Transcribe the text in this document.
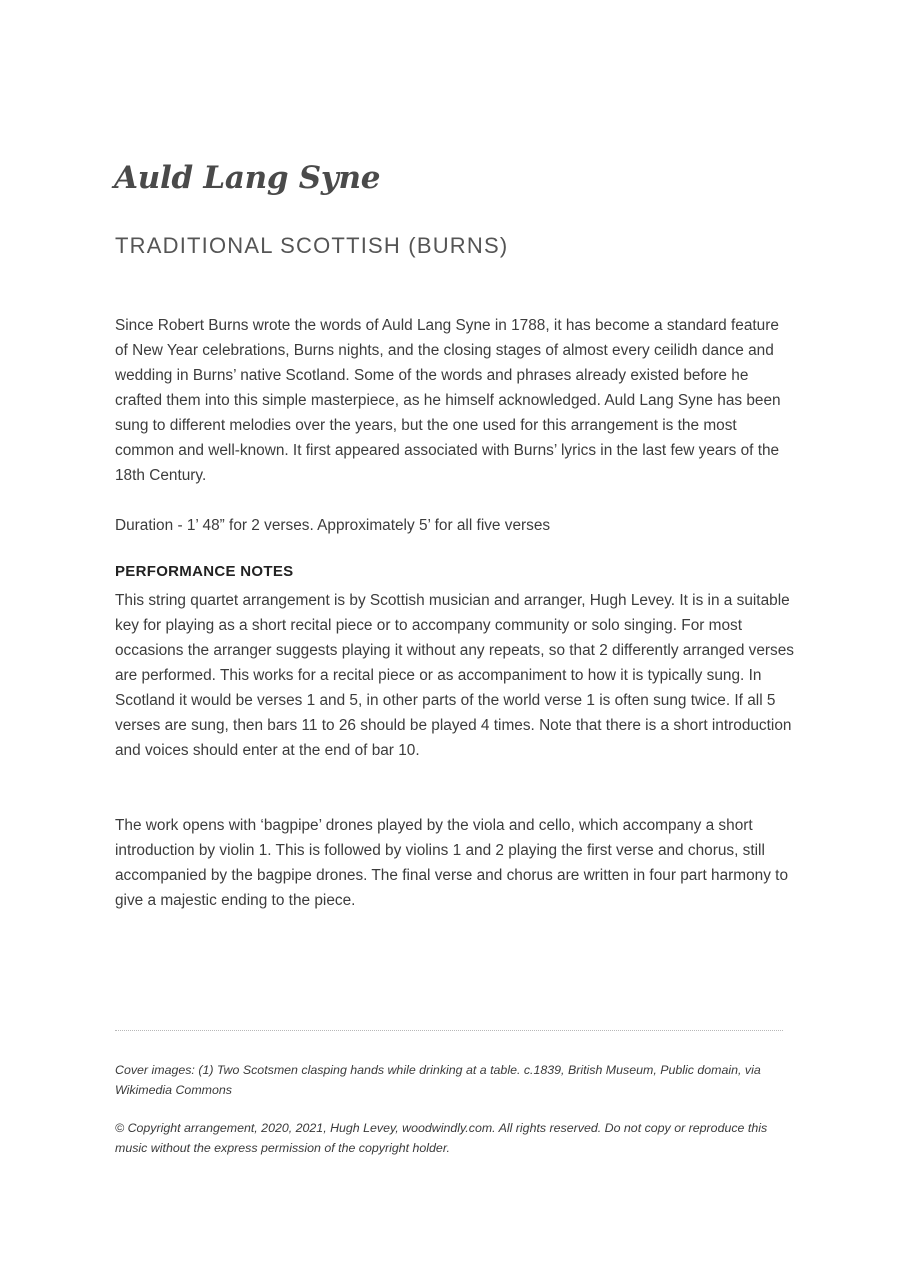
Auld Lang Syne
TRADITIONAL SCOTTISH (BURNS)

Since Robert Burns wrote the words of Auld Lang Syne in 1788, it has become a standard feature of New Year celebrations, Burns nights, and the closing stages of almost every ceilidh dance and wedding in Burns’ native Scotland. Some of the words and phrases already existed before he crafted them into this simple masterpiece, as he himself acknowledged. Auld Lang Syne has been sung to different melodies over the years, but the one used for this arrangement is the most common and well-known. It first appeared associated with Burns’ lyrics in the last few years of the 18th Century.

Duration - 1’ 48” for 2 verses. Approximately 5’ for all five verses

PERFORMANCE NOTES

This string quartet arrangement is by Scottish musician and arranger, Hugh Levey. It is in a suitable key for playing as a short recital piece or to accompany community or solo singing. For most occasions the arranger suggests playing it without any repeats, so that 2 differently arranged verses are performed. This works for a recital piece or as accompaniment to how it is typically sung. In Scotland it would be verses 1 and 5, in other parts of the world verse 1 is often sung twice. If all 5 verses are sung, then bars 11 to 26 should be played 4 times. Note that there is a short introduction and voices should enter at the end of bar 10.

The work opens with ‘bagpipe’ drones played by the viola and cello, which accompany a short introduction by violin 1. This is followed by violins 1 and 2 playing the first verse and chorus, still accompanied by the bagpipe drones. The final verse and chorus are written in four part harmony to give a majestic ending to the piece.

Cover images: (1) Two Scotsmen clasping hands while drinking at a table. c.1839, British Museum, Public domain, via Wikimedia Commons

© Copyright arrangement, 2020, 2021, Hugh Levey, woodwindly.com. All rights reserved. Do not copy or reproduce this music without the express permission of the copyright holder.
